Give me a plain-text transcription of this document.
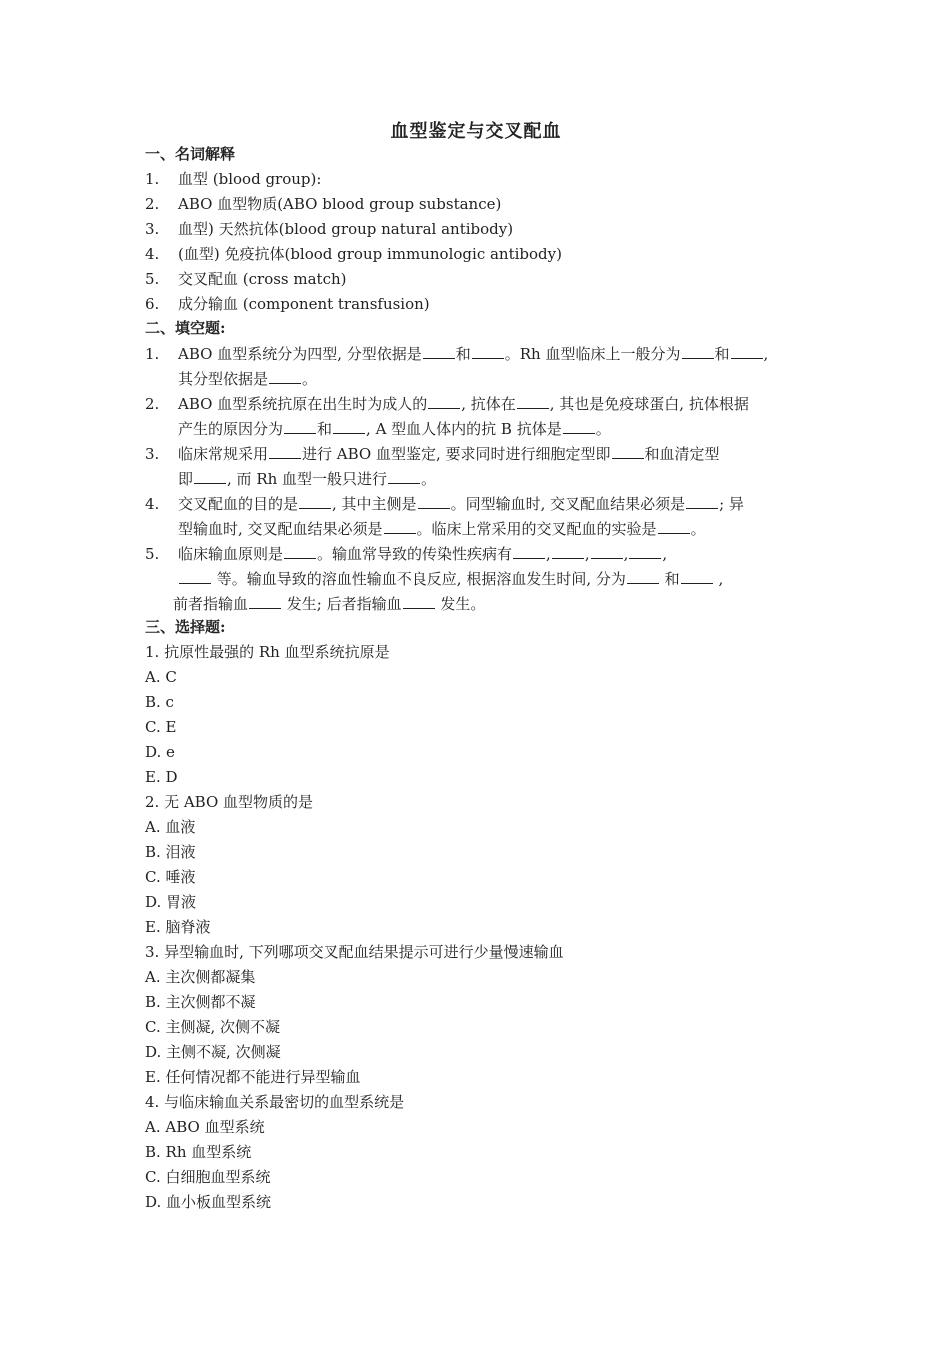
血型鉴定与交叉配血
一、名词解释
1. 血型 (blood group):
2. ABO 血型物质(ABO blood group substance)
3. 血型) 天然抗体(blood group natural antibody)
4. (血型) 免疫抗体(blood group immunologic antibody)
5. 交叉配血 (cross match)
6. 成分输血 (component transfusion)
二、填空题:
1. ABO 血型系统分为四型, 分型依据是 和 。Rh 血型临床上一般分为 和 ,
其分型依据是 。
2. ABO 血型系统抗原在出生时为成人的 , 抗体在 , 其也是免疫球蛋白, 抗体根据
产生的原因分为 和 , A 型血人体内的抗 B 抗体是 。
3. 临床常规采用 进行 ABO 血型鉴定, 要求同时进行细胞定型即 和血清定型
即 , 而 Rh 血型一般只进行 。
4. 交叉配血的目的是 , 其中主侧是 。同型输血时, 交叉配血结果必须是 ; 异
型输血时, 交叉配血结果必须是 。临床上常采用的交叉配血的实验是 。
5. 临床输血原则是 。输血常导致的传染性疾病有 , , , ,
等。输血导致的溶血性输血不良反应, 根据溶血发生时间, 分为	和	,
前者指输血	发生; 后者指输血	发生。
三、选择题:
1. 抗原性最强的 Rh 血型系统抗原是
A. C
B. c
C. E
D. e
E. D
2. 无 ABO 血型物质的是
A. 血液
B. 泪液
C. 唾液
D. 胃液
E. 脑脊液
3. 异型输血时, 下列哪项交叉配血结果提示可进行少量慢速输血
A. 主次侧都凝集
B. 主次侧都不凝
C. 主侧凝, 次侧不凝
D. 主侧不凝, 次侧凝
E. 任何情况都不能进行异型输血
4. 与临床输血关系最密切的血型系统是
A. ABO 血型系统
B. Rh 血型系统
C. 白细胞血型系统
D. 血小板血型系统
